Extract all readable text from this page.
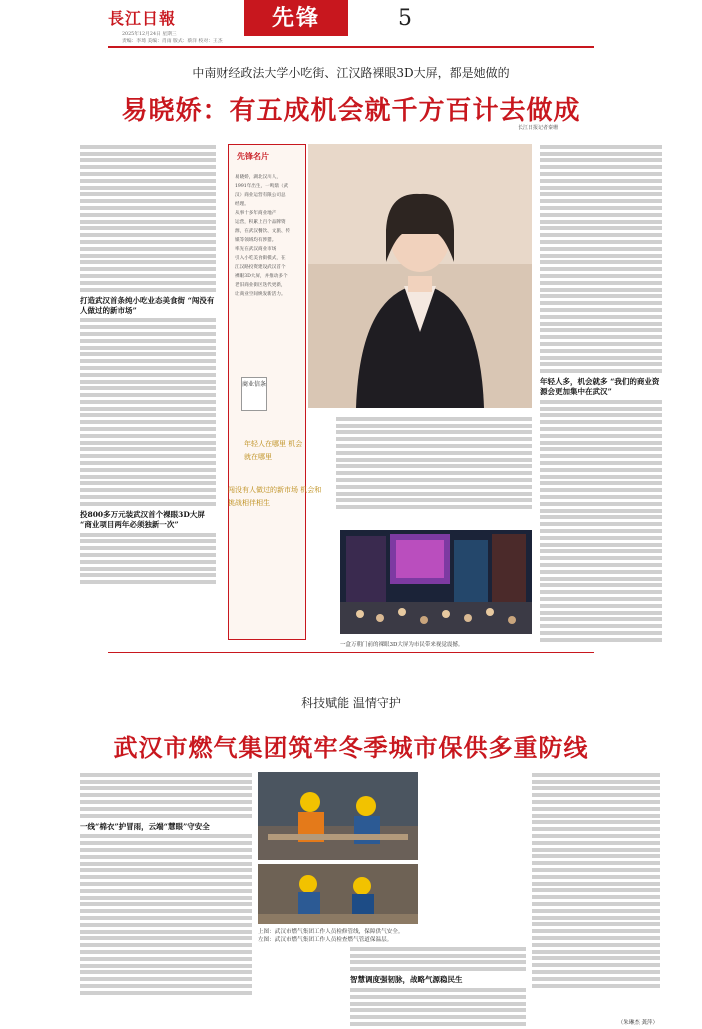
長江日報	先锋	5
2025年12月24日 星期三
责编：李琦 美编：肖雨 版式：蔡洋 校对：王杰
中南财经政法大学小吃街、江汉路裸眼3D大屏，都是她做的
易晓娇：有五成机会就千方百计去做成
长江日报记者秦珊
打造武汉首条纯小吃业态美食街 “闯没有人做过的新市场”
投800多万元装武汉首个裸眼3D大屏 “商业项目两年必须独新一次”
先锋名片
易晓娇，湖北汉川人，
1991年出生，一鸣鼎（武
汉）商业运营有限公司总
经理。
从事十多年商业地产
运营，积累上百个品牌资
源，在武汉餐饮、文旅、传
媒等领域均有涉猎。
率先在武汉商业市场
引入小吃美食街模式，在
江汉路投资建设武汉首个
裸眼3D大屏，并推动多个
老旧商业街区迭代更新，
让商业空间焕发新活力。
商业信条
年轻人在哪里 机会就在哪里
闯没有人做过的新市场 机会和挑战相伴相生
一盒万朝门前的裸眼3D大屏为市民带来视觉震撼。
年轻人多，机会就多 “我们的商业资源会更加集中在武汉”
科技赋能 温情守护
武汉市燃气集团筑牢冬季城市保供多重防线
一线“棉衣”护冒雨，云端“慧眼”守安全
上图：武汉市燃气集团工作人员检修管线，保障供气安全。
左图：武汉市燃气集团工作人员检查燃气管道保温层。
智慧调度强韧脉，战略气源稳民生
（朱琳杰 龚萍）
